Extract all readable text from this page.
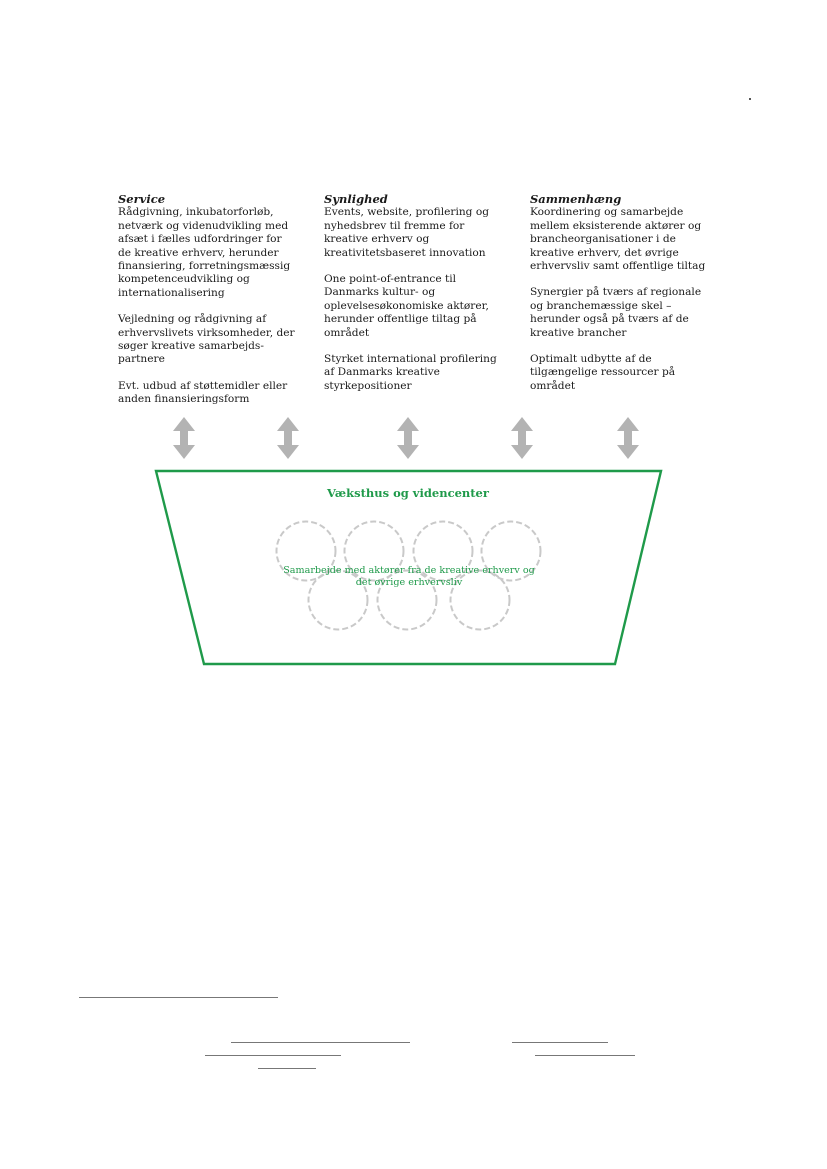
Service

Rådgivning, inkubatorforløb, netværk og videnudvikling med afsæt i fælles udfordringer for de kreative erhverv, herunder finansiering, forretningsmæssig kompetenceudvikling og internationalisering

Vejledning og rådgivning af erhvervslivets virksomheder, der søger kreative samarbejds-partnere

Evt. udbud af støttemidler eller anden finansieringsform

Synlighed

Events, website, profilering og nyhedsbrev til fremme for kreative erhverv og kreativitetsbaseret innovation

One point-of-entrance til Danmarks kultur- og oplevelsesøkonomiske aktører, herunder offentlige tiltag på området

Styrket international profilering af Danmarks kreative styrkepositioner

Sammenhæng

Koordinering og samarbejde mellem eksisterende aktører og brancheorganisationer i de kreative erhverv, det øvrige erhvervsliv samt offentlige tiltag

Synergier på tværs af regionale og branchemæssige skel – herunder også på tværs af de kreative brancher

Optimalt udbytte af de tilgængelige ressourcer på området

Væksthus og videncenter
Samarbejde med aktører fra de kreative erhverv og
det øvrige erhvervsliv
